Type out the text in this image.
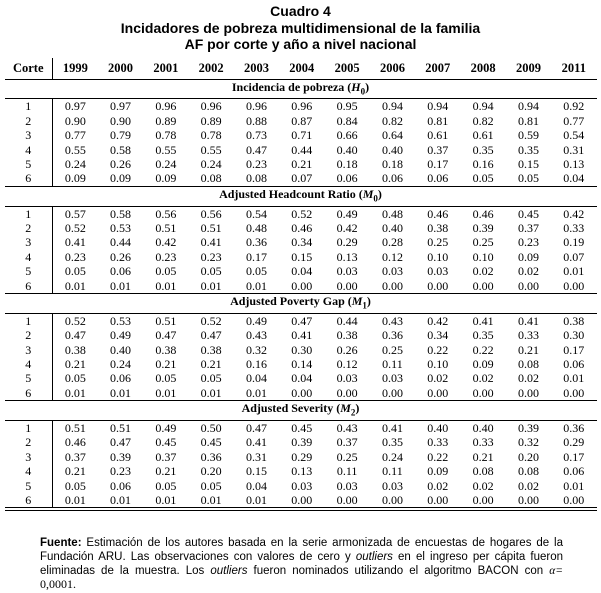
Cuadro 4
Incidadores de pobreza multidimensional de la familia
AF por corte y año a nivel nacional
Corte	1999	2000	2001	2002	2003	2004	2005	2006	2007	2008	2009	2011
Incidencia de pobreza $(H_0)$												
1	0.97	0.97	0.96	0.96	0.96	0.96	0.95	0.94	0.94	0.94	0.94	0.92
2	0.90	0.90	0.89	0.89	0.88	0.87	0.84	0.82	0.81	0.82	0.81	0.77
3	0.77	0.79	0.78	0.78	0.73	0.71	0.66	0.64	0.61	0.61	0.59	0.54
4	0.55	0.58	0.55	0.55	0.47	0.44	0.40	0.40	0.37	0.35	0.35	0.31
5	0.24	0.26	0.24	0.24	0.23	0.21	0.18	0.18	0.17	0.16	0.15	0.13
6	0.09	0.09	0.09	0.08	0.08	0.07	0.06	0.06	0.06	0.05	0.05	0.04
Adjusted Headcount Ratio $(M_0)$												
1	0.57	0.58	0.56	0.56	0.54	0.52	0.49	0.48	0.46	0.46	0.45	0.42
2	0.52	0.53	0.51	0.51	0.48	0.46	0.42	0.40	0.38	0.39	0.37	0.33
3	0.41	0.44	0.42	0.41	0.36	0.34	0.29	0.28	0.25	0.25	0.23	0.19
4	0.23	0.26	0.23	0.23	0.17	0.15	0.13	0.12	0.10	0.10	0.09	0.07
5	0.05	0.06	0.05	0.05	0.05	0.04	0.03	0.03	0.03	0.02	0.02	0.01
6	0.01	0.01	0.01	0.01	0.01	0.00	0.00	0.00	0.00	0.00	0.00	0.00
Adjusted Poverty Gap $(M_1)$												
1	0.52	0.53	0.51	0.52	0.49	0.47	0.44	0.43	0.42	0.41	0.41	0.38
2	0.47	0.49	0.47	0.47	0.43	0.41	0.38	0.36	0.34	0.35	0.33	0.30
3	0.38	0.40	0.38	0.38	0.32	0.30	0.26	0.25	0.22	0.22	0.21	0.17
4	0.21	0.24	0.21	0.21	0.16	0.14	0.12	0.11	0.10	0.09	0.08	0.06
5	0.05	0.06	0.05	0.05	0.04	0.04	0.03	0.03	0.02	0.02	0.02	0.01
6	0.01	0.01	0.01	0.01	0.01	0.00	0.00	0.00	0.00	0.00	0.00	0.00
Adjusted Severity $(M_2)$												
1	0.51	0.51	0.49	0.50	0.47	0.45	0.43	0.41	0.40	0.40	0.39	0.36
2	0.46	0.47	0.45	0.45	0.41	0.39	0.37	0.35	0.33	0.33	0.32	0.29
3	0.37	0.39	0.37	0.36	0.31	0.29	0.25	0.24	0.22	0.21	0.20	0.17
4	0.21	0.23	0.21	0.20	0.15	0.13	0.11	0.11	0.09	0.08	0.08	0.06
5	0.05	0.06	0.05	0.05	0.04	0.03	0.03	0.03	0.02	0.02	0.02	0.01
6	0.01	0.01	0.01	0.01	0.01	0.00	0.00	0.00	0.00	0.00	0.00	0.00

Fuente: Estimación de los autores basada en la serie armonizada de encuestas de hogares de la Fundación ARU. Las observaciones con valores de cero y outliers en el ingreso per cápita fueron eliminadas de la muestra. Los outliers fueron nominados utilizando el algoritmo BACON con α= 0,0001.
